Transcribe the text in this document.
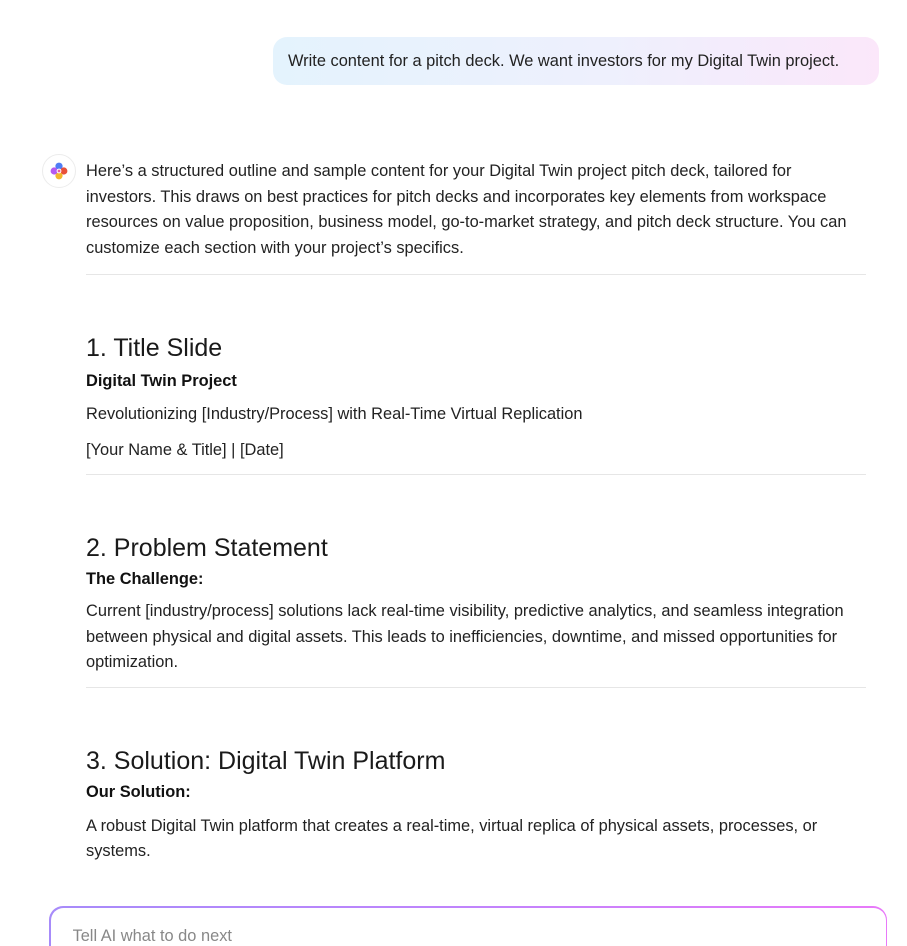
Write content for a pitch deck. We want investors for my Digital Twin project.

Here’s a structured outline and sample content for your Digital Twin project pitch deck, tailored for investors. This draws on best practices for pitch decks and incorporates key elements from workspace resources on value proposition, business model, go-to-market strategy, and pitch deck structure. You can customize each section with your project’s specifics.

1. Title Slide
Digital Twin Project

Revolutionizing [Industry/Process] with Real-Time Virtual Replication

[Your Name & Title] | [Date]

2. Problem Statement
The Challenge:

Current [industry/process] solutions lack real-time visibility, predictive analytics, and seamless integration between physical and digital assets. This leads to inefficiencies, downtime, and missed opportunities for optimization.

3. Solution: Digital Twin Platform
Our Solution:

A robust Digital Twin platform that creates a real-time, virtual replica of physical assets, processes, or systems.

Tell AI what to do next
